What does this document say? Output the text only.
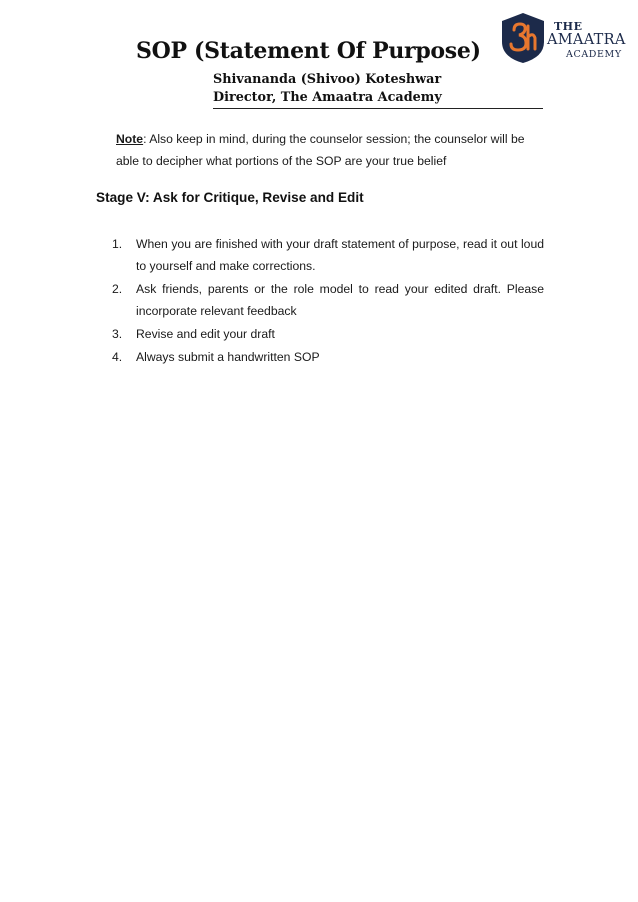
SOP (Statement Of Purpose)
Shivananda (Shivoo) Koteshwar
Director, The Amaatra Academy
THE
AMAATRA
ACADEMY
Note: Also keep in mind, during the counselor session; the counselor will be able to decipher what portions of the SOP are your true belief
Stage V: Ask for Critique, Revise and Edit
1. When you are finished with your draft statement of purpose, read it out loud to yourself and make corrections.
2. Ask friends, parents or the role model to read your edited draft. Please incorporate relevant feedback
3. Revise and edit your draft
4. Always submit a handwritten SOP
